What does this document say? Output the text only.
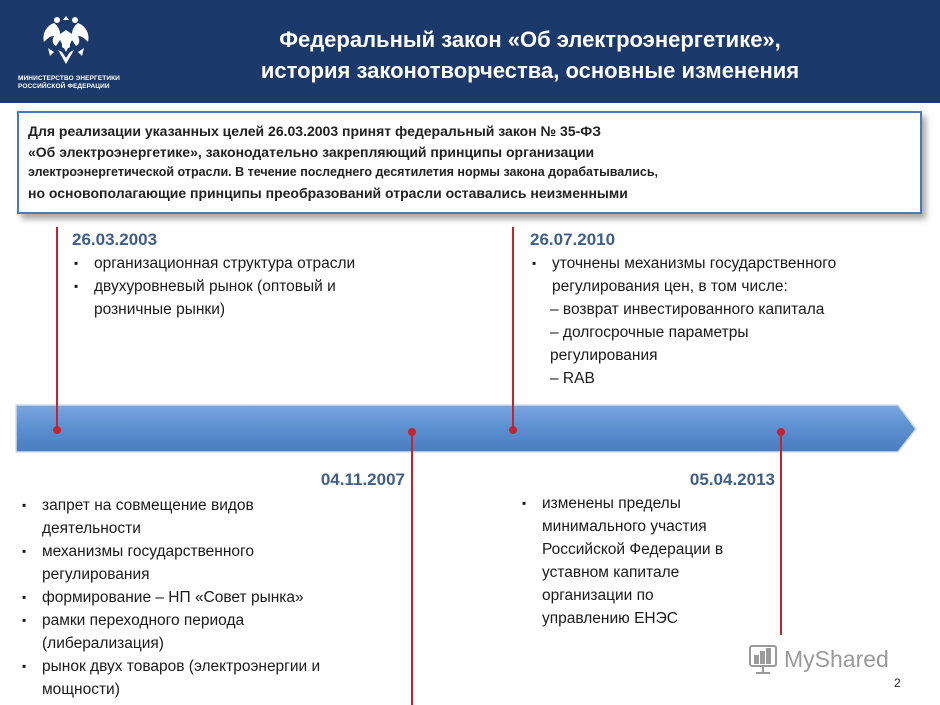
МИНИСТЕРСТВО ЭНЕРГЕТИКИ
РОССИЙСКОЙ ФЕДЕРАЦИИ
Федеральный закон «Об электроэнергетике»,
история законотворчества, основные изменения
Для реализации указанных целей 26.03.2003 принят федеральный закон № 35-ФЗ
«Об электроэнергетике», законодательно закрепляющий принципы организации
электроэнергетической отрасли. В течение последнего десятилетия нормы закона дорабатывались,
но основополагающие принципы преобразований отрасли оставались неизменными
26.03.2003
▪ организационная структура отрасли
▪ двухуровневый рынок (оптовый и
розничные рынки)
04.11.2007
▪ запрет на совмещение видов
деятельности
▪ механизмы государственного
регулирования
▪ формирование – НП «Совет рынка»
▪ рамки переходного периода
(либерализация)
▪ рынок двух товаров (электроэнергии и
мощности)
26.07.2010
▪ уточнены механизмы государственного
регулирования цен, в том числе:
– возврат инвестированного капитала
– долгосрочные параметры
регулирования
– RAB
05.04.2013
▪ изменены пределы
минимального участия
Российской Федерации в
уставном капитале
организации по
управлению ЕНЭС
MyShared
2
